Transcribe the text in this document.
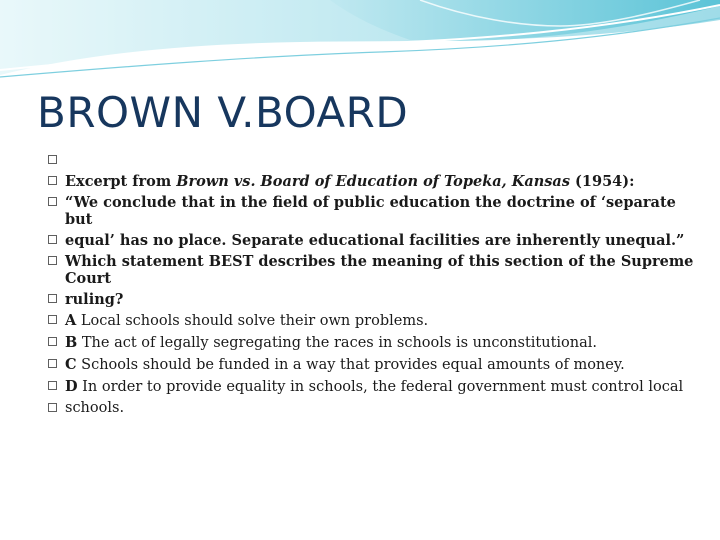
BROWN V.BOARD

Excerpt from Brown vs. Board of Education of Topeka, Kansas (1954):
“We conclude that in the field of public education the doctrine of ‘separate but
equal’ has no place. Separate educational facilities are inherently unequal.”
Which statement BEST describes the meaning of this section of the Supreme Court
ruling?
A Local schools should solve their own problems.
B The act of legally segregating the races in schools is unconstitutional.
C Schools should be funded in a way that provides equal amounts of money.
D In order to provide equality in schools, the federal government must control local
schools.
